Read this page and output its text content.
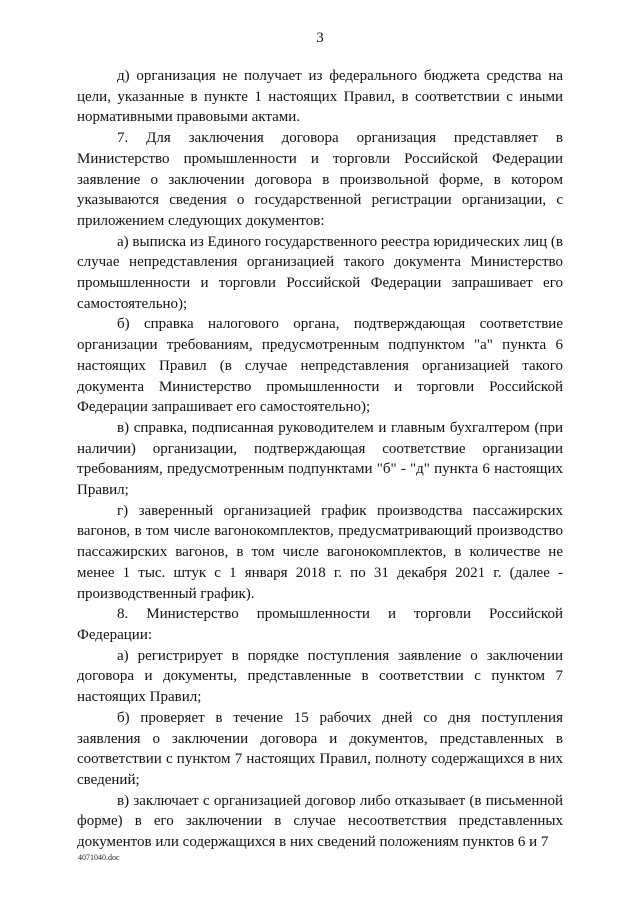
3

д) организация не получает из федерального бюджета средства на цели, указанные в пункте 1 настоящих Правил, в соответствии с иными нормативными правовыми актами.

7. Для заключения договора организация представляет в Министерство промышленности и торговли Российской Федерации заявление о заключении договора в произвольной форме, в котором указываются сведения о государственной регистрации организации, с приложением следующих документов:

а) выписка из Единого государственного реестра юридических лиц (в случае непредставления организацией такого документа Министерство промышленности и торговли Российской Федерации запрашивает его самостоятельно);

б) справка налогового органа, подтверждающая соответствие организации требованиям, предусмотренным подпунктом "а" пункта 6 настоящих Правил (в случае непредставления организацией такого документа Министерство промышленности и торговли Российской Федерации запрашивает его самостоятельно);

в) справка, подписанная руководителем и главным бухгалтером (при наличии) организации, подтверждающая соответствие организации требованиям, предусмотренным подпунктами "б" - "д" пункта 6 настоящих Правил;

г) заверенный организацией график производства пассажирских вагонов, в том числе вагонокомплектов, предусматривающий производство пассажирских вагонов, в том числе вагонокомплектов, в количестве не менее 1 тыс. штук с 1 января 2018 г. по 31 декабря 2021 г. (далее - производственный график).

8. Министерство промышленности и торговли Российской Федерации:

а) регистрирует в порядке поступления заявление о заключении договора и документы, представленные в соответствии с пунктом 7 настоящих Правил;

б) проверяет в течение 15 рабочих дней со дня поступления заявления о заключении договора и документов, представленных в соответствии с пунктом 7 настоящих Правил, полноту содержащихся в них сведений;

в) заключает с организацией договор либо отказывает (в письменной форме) в его заключении в случае несоответствия представленных документов или содержащихся в них сведений положениям пунктов 6 и 7

4071040.doc
